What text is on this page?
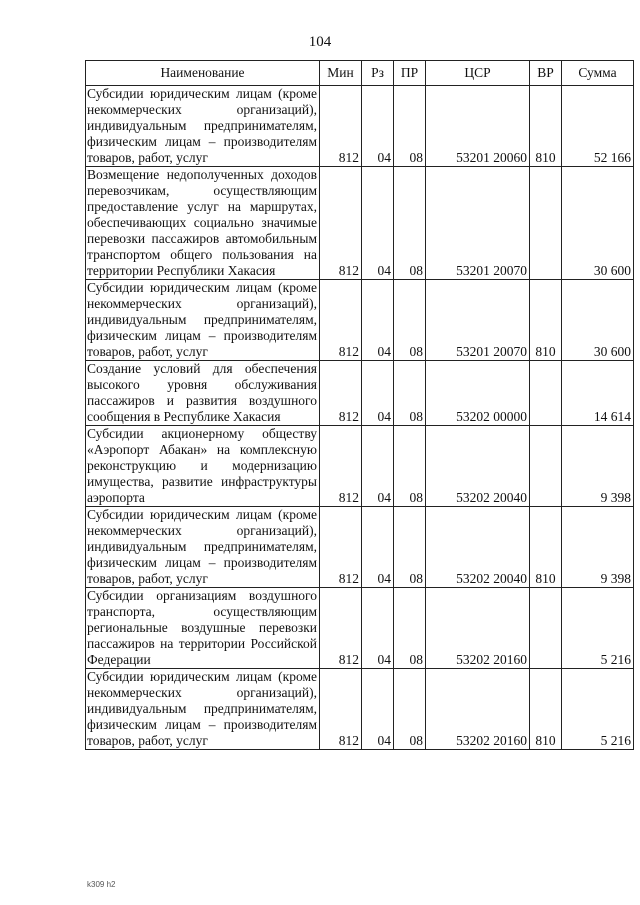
104
Наименование	Мин	Рз	ПР	ЦСР	ВР	Сумма
Субсидии юридическим лицам (кроме некоммерческих организаций), индивидуальным предпринимателям, физическим лицам – производителям товаров, работ, услуг	812	04	08	53201 20060	810	52 166
Возмещение недополученных доходов перевозчикам, осуществляющим предоставление услуг на маршрутах, обеспечивающих социально значимые перевозки пассажиров автомобильным транспортом общего пользования на территории Республики Хакасия	812	04	08	53201 20070		30 600
Субсидии юридическим лицам (кроме некоммерческих организаций), индивидуальным предпринимателям, физическим лицам – производителям товаров, работ, услуг	812	04	08	53201 20070	810	30 600
Создание условий для обеспечения высокого уровня обслуживания пассажиров и развития воздушного сообщения в Республике Хакасия	812	04	08	53202 00000		14 614
Субсидии акционерному обществу «Аэропорт Абакан» на комплексную реконструкцию и модернизацию имущества, развитие инфраструктуры аэропорта	812	04	08	53202 20040		9 398
Субсидии юридическим лицам (кроме некоммерческих организаций), индивидуальным предпринимателям, физическим лицам – производителям товаров, работ, услуг	812	04	08	53202 20040	810	9 398
Субсидии организациям воздушного транспорта, осуществляющим региональные воздушные перевозки пассажиров на территории Российской Федерации	812	04	08	53202 20160		5 216
Субсидии юридическим лицам (кроме некоммерческих организаций), индивидуальным предпринимателям, физическим лицам – производителям товаров, работ, услуг	812	04	08	53202 20160	810	5 216
k309 h2
